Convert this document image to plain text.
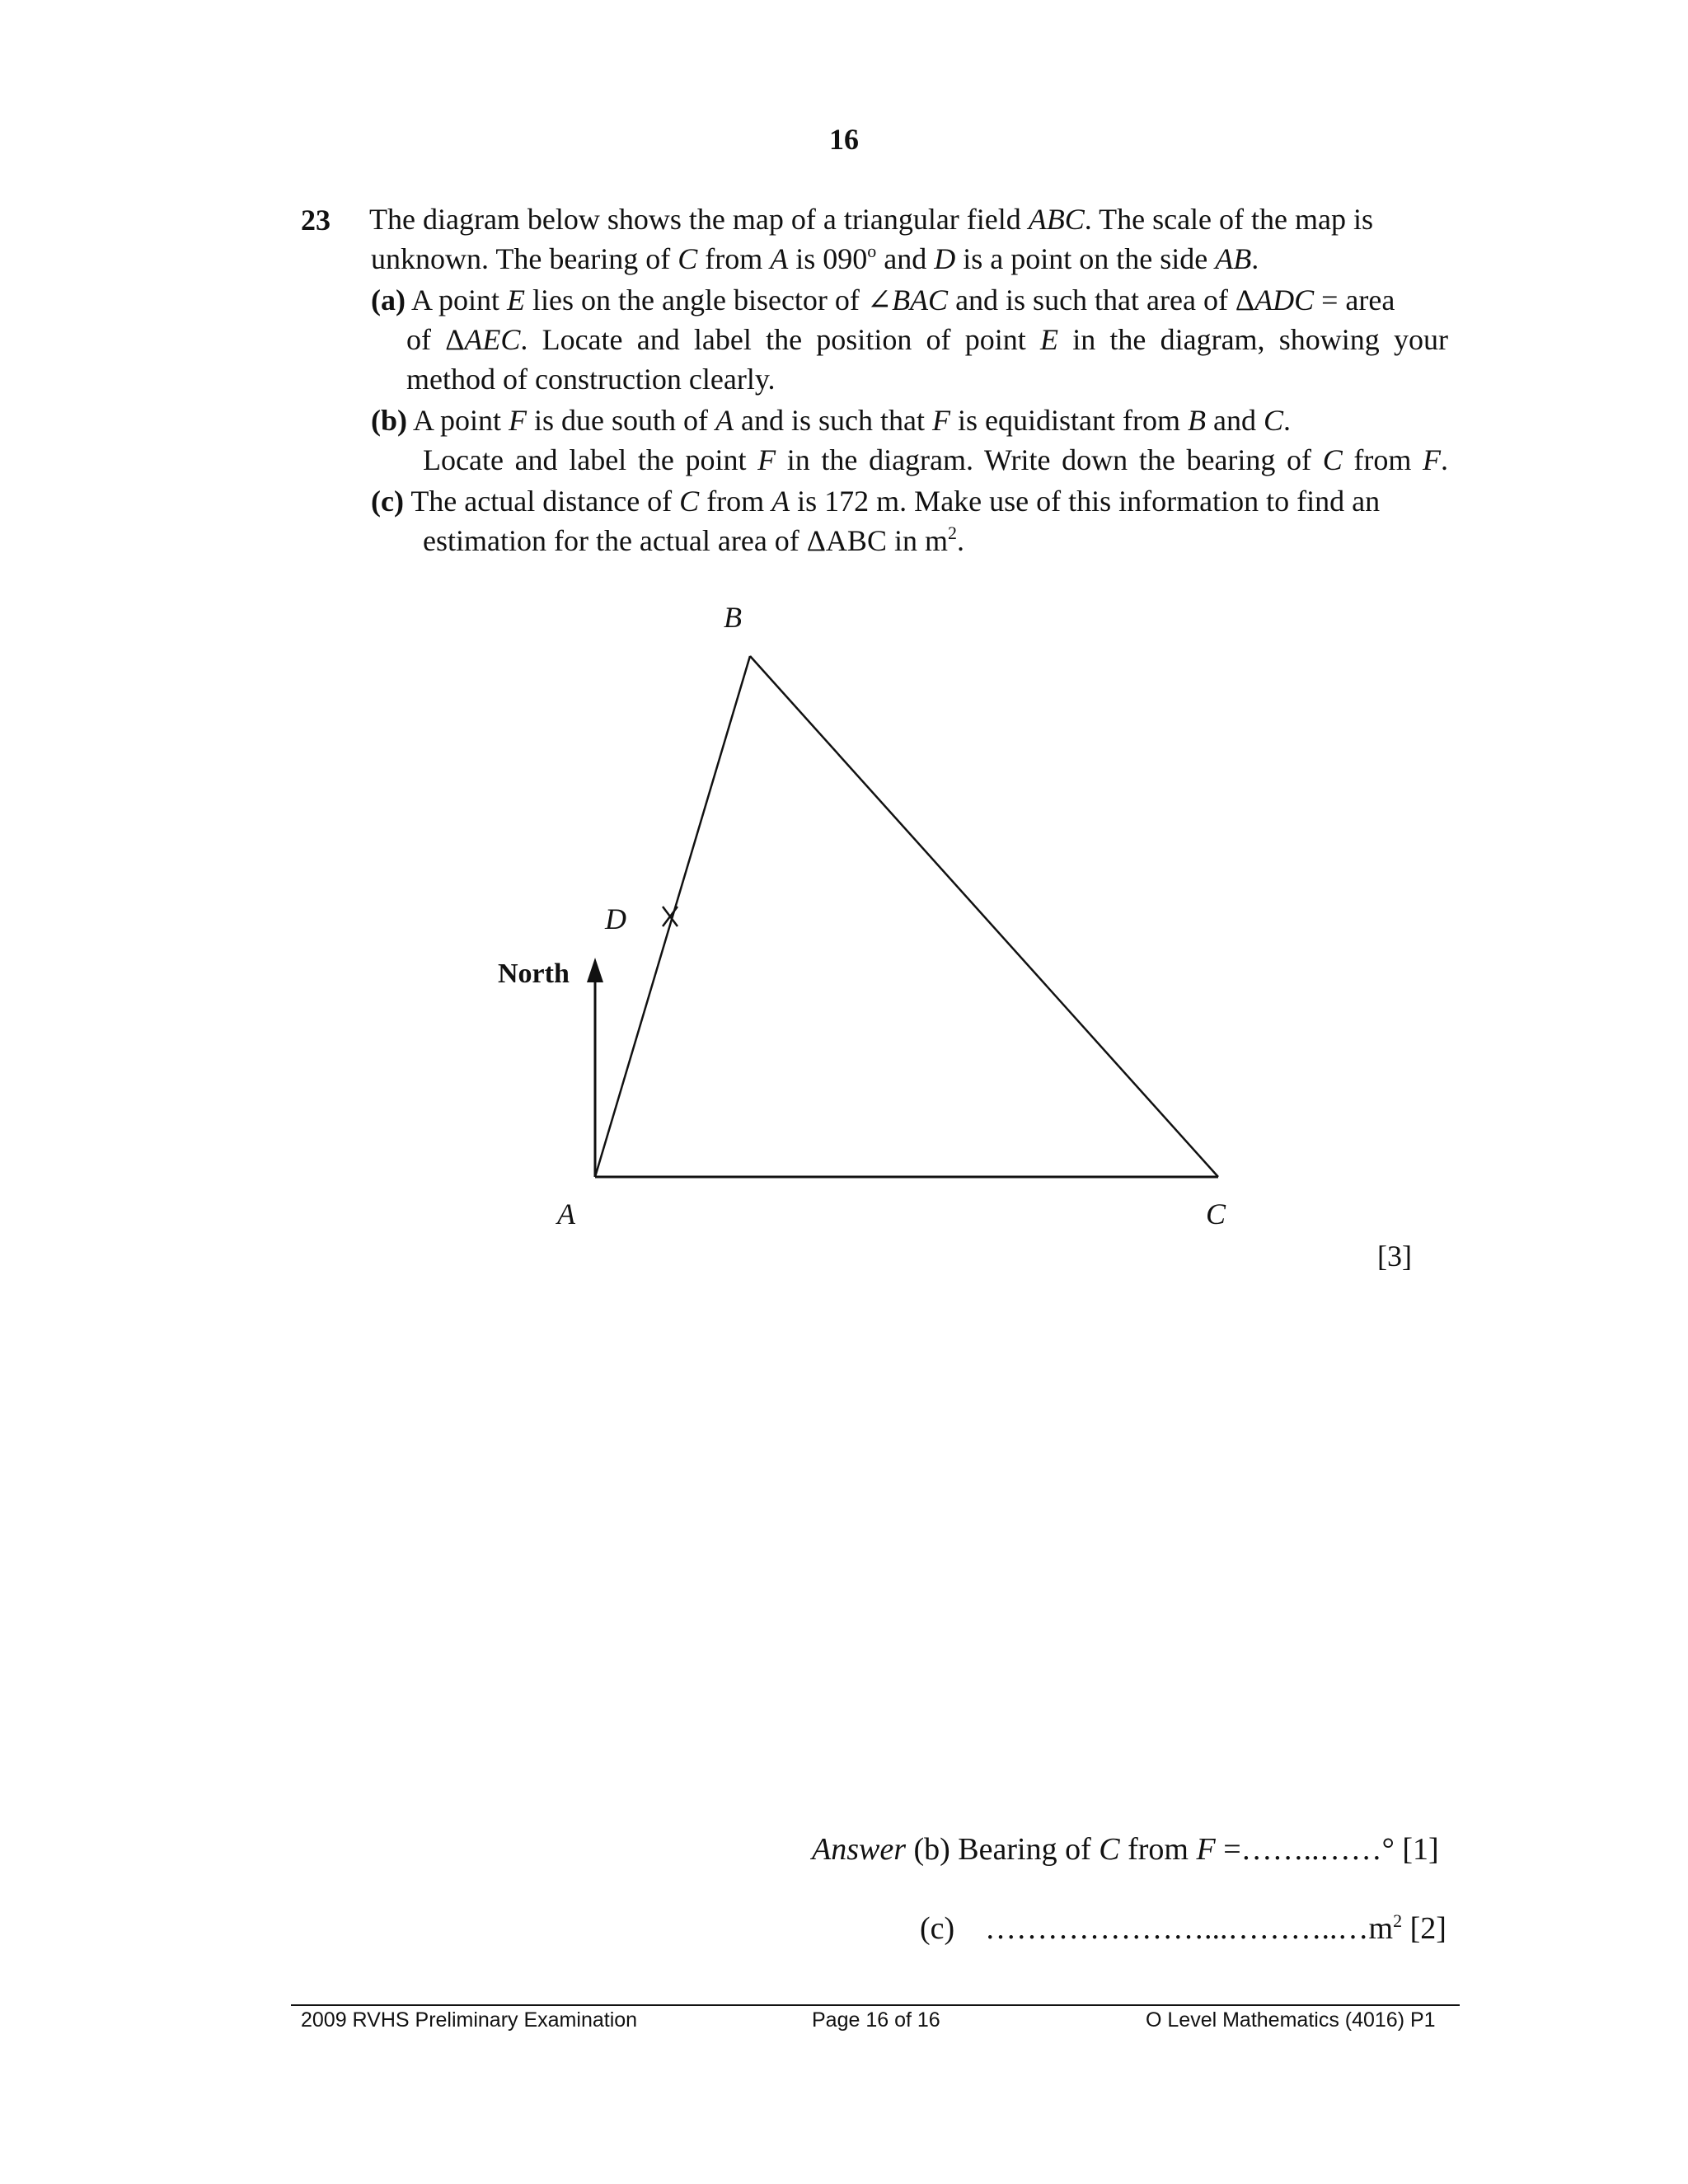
16
23 The diagram below shows the map of a triangular field ABC. The scale of the map is
unknown. The bearing of C from A is 090$^o$ and D is a point on the side AB.
(a) A point E lies on the angle bisector of ∠BAC and is such that area of ΔADC = area
of ΔAEC. Locate and label the position of point E in the diagram, showing your
method of construction clearly.
(b) A point F is due south of A and is such that F is equidistant from B and C.
Locate and label the point F in the diagram. Write down the bearing of C from F.
(c) The actual distance of C from A is 172 m. Make use of this information to find an
estimation for the actual area of ΔABC in $m^2$.
B
D
North
A	C
[3]
Answer (b) Bearing of C from F =……..……° [1]
(c) $\dots\dots\dots\dots\dots\dots\dots...\dots\dots\dots..\dots m^2$ [2]
2009 RVHS Preliminary Examination	Page 16 of 16	O Level Mathematics (4016) P1
